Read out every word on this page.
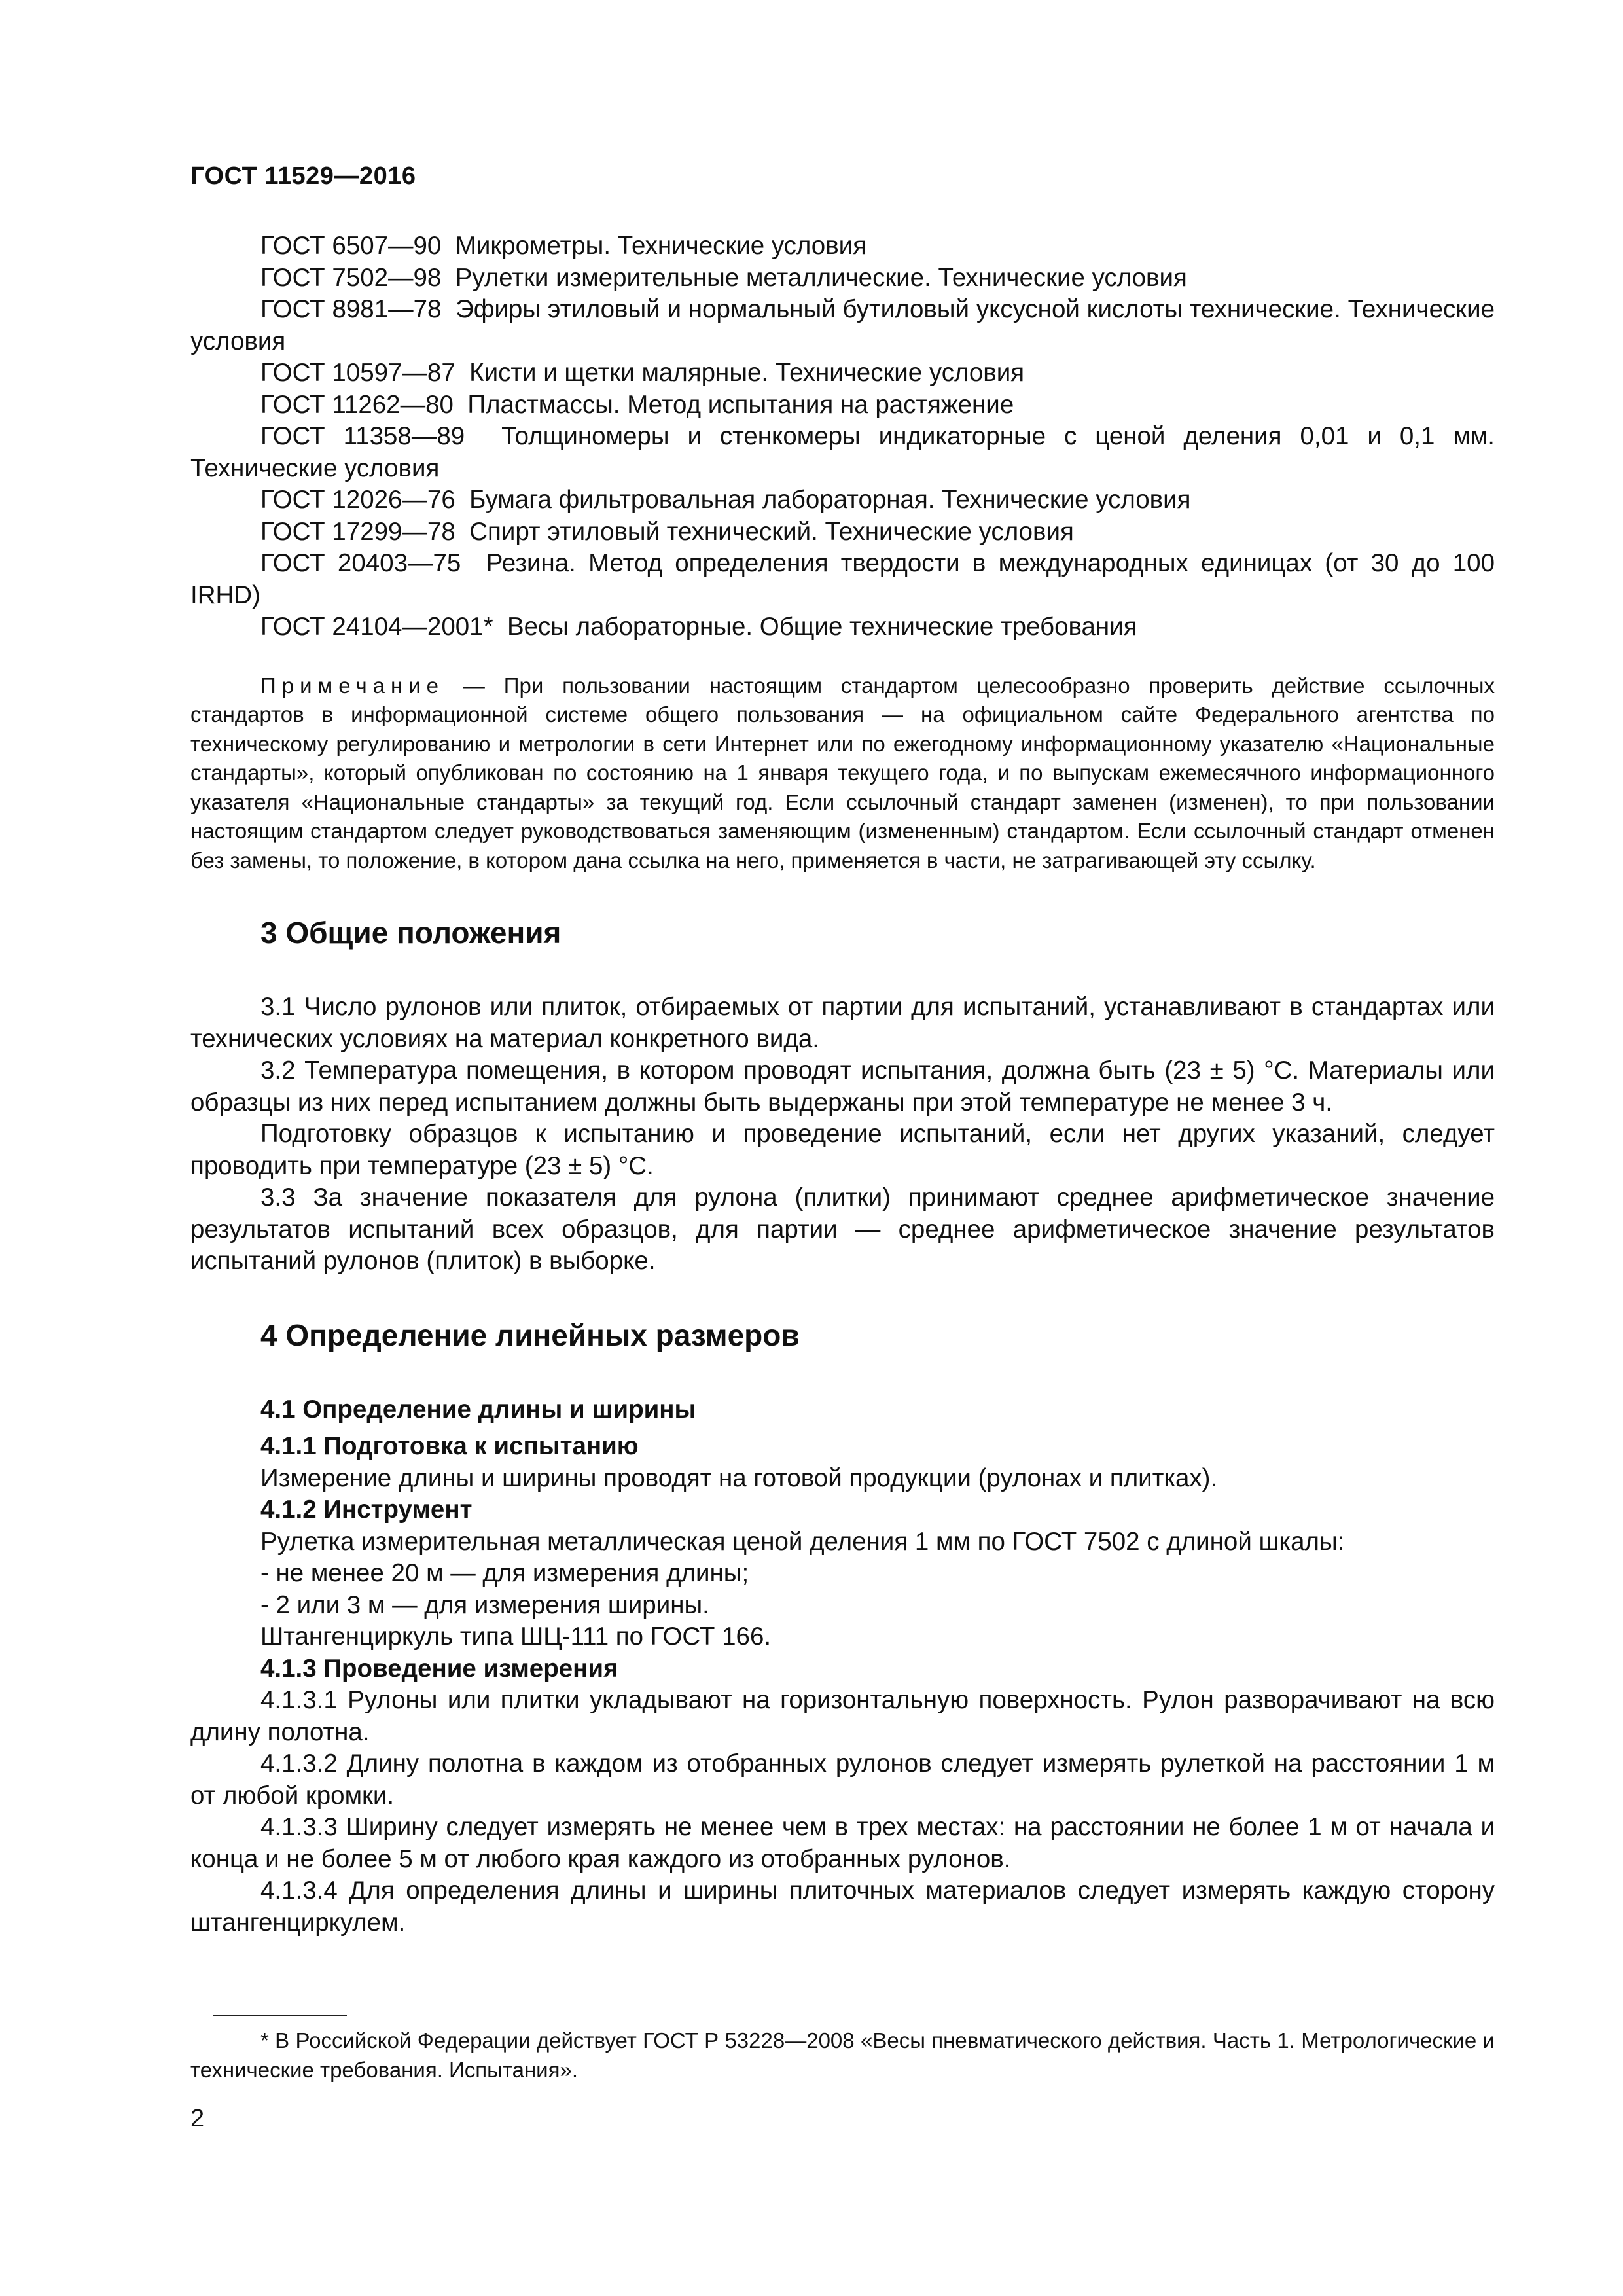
ГОСТ 11529—2016

ГОСТ 6507—90 Микрометры. Технические условия

ГОСТ 7502—98 Рулетки измерительные металлические. Технические условия

ГОСТ 8981—78 Эфиры этиловый и нормальный бутиловый уксусной кислоты технические. Технические условия

ГОСТ 10597—87 Кисти и щетки малярные. Технические условия

ГОСТ 11262—80 Пластмассы. Метод испытания на растяжение

ГОСТ 11358—89 Толщиномеры и стенкомеры индикаторные с ценой деления 0,01 и 0,1 мм. Технические условия

ГОСТ 12026—76 Бумага фильтровальная лабораторная. Технические условия

ГОСТ 17299—78 Спирт этиловый технический. Технические условия

ГОСТ 20403—75 Резина. Метод определения твердости в международных единицах (от 30 до 100 IRHD)

ГОСТ 24104—2001* Весы лабораторные. Общие технические требования

Примечание — При пользовании настоящим стандартом целесообразно проверить действие ссылочных стандартов в информационной системе общего пользования — на официальном сайте Федерального агентства по техническому регулированию и метрологии в сети Интернет или по ежегодному информационному указателю «Национальные стандарты», который опубликован по состоянию на 1 января текущего года, и по выпускам ежемесячного информационного указателя «Национальные стандарты» за текущий год. Если ссылочный стандарт заменен (изменен), то при пользовании настоящим стандартом следует руководствоваться заменяющим (измененным) стандартом. Если ссылочный стандарт отменен без замены, то положение, в котором дана ссылка на него, применяется в части, не затрагивающей эту ссылку.

3 Общие положения

3.1 Число рулонов или плиток, отбираемых от партии для испытаний, устанавливают в стандартах или технических условиях на материал конкретного вида.

3.2 Температура помещения, в котором проводят испытания, должна быть (23 ± 5) °С. Материалы или образцы из них перед испытанием должны быть выдержаны при этой температуре не менее 3 ч.

Подготовку образцов к испытанию и проведение испытаний, если нет других указаний, следует проводить при температуре (23 ± 5) °С.

3.3 За значение показателя для рулона (плитки) принимают среднее арифметическое значение результатов испытаний всех образцов, для партии — среднее арифметическое значение результатов испытаний рулонов (плиток) в выборке.

4 Определение линейных размеров
4.1 Определение длины и ширины
4.1.1 Подготовка к испытанию

Измерение длины и ширины проводят на готовой продукции (рулонах и плитках).

4.1.2 Инструмент

Рулетка измерительная металлическая ценой деления 1 мм по ГОСТ 7502 с длиной шкалы:

- не менее 20 м — для измерения длины;

- 2 или 3 м — для измерения ширины.

Штангенциркуль типа ШЦ-111 по ГОСТ 166.

4.1.3 Проведение измерения

4.1.3.1 Рулоны или плитки укладывают на горизонтальную поверхность. Рулон разворачивают на всю длину полотна.

4.1.3.2 Длину полотна в каждом из отобранных рулонов следует измерять рулеткой на расстоянии 1 м от любой кромки.

4.1.3.3 Ширину следует измерять не менее чем в трех местах: на расстоянии не более 1 м от начала и конца и не более 5 м от любого края каждого из отобранных рулонов.

4.1.3.4 Для определения длины и ширины плиточных материалов следует измерять каждую сторону штангенциркулем.

* В Российской Федерации действует ГОСТ Р 53228—2008 «Весы пневматического действия. Часть 1. Метрологические и технические требования. Испытания».

2
